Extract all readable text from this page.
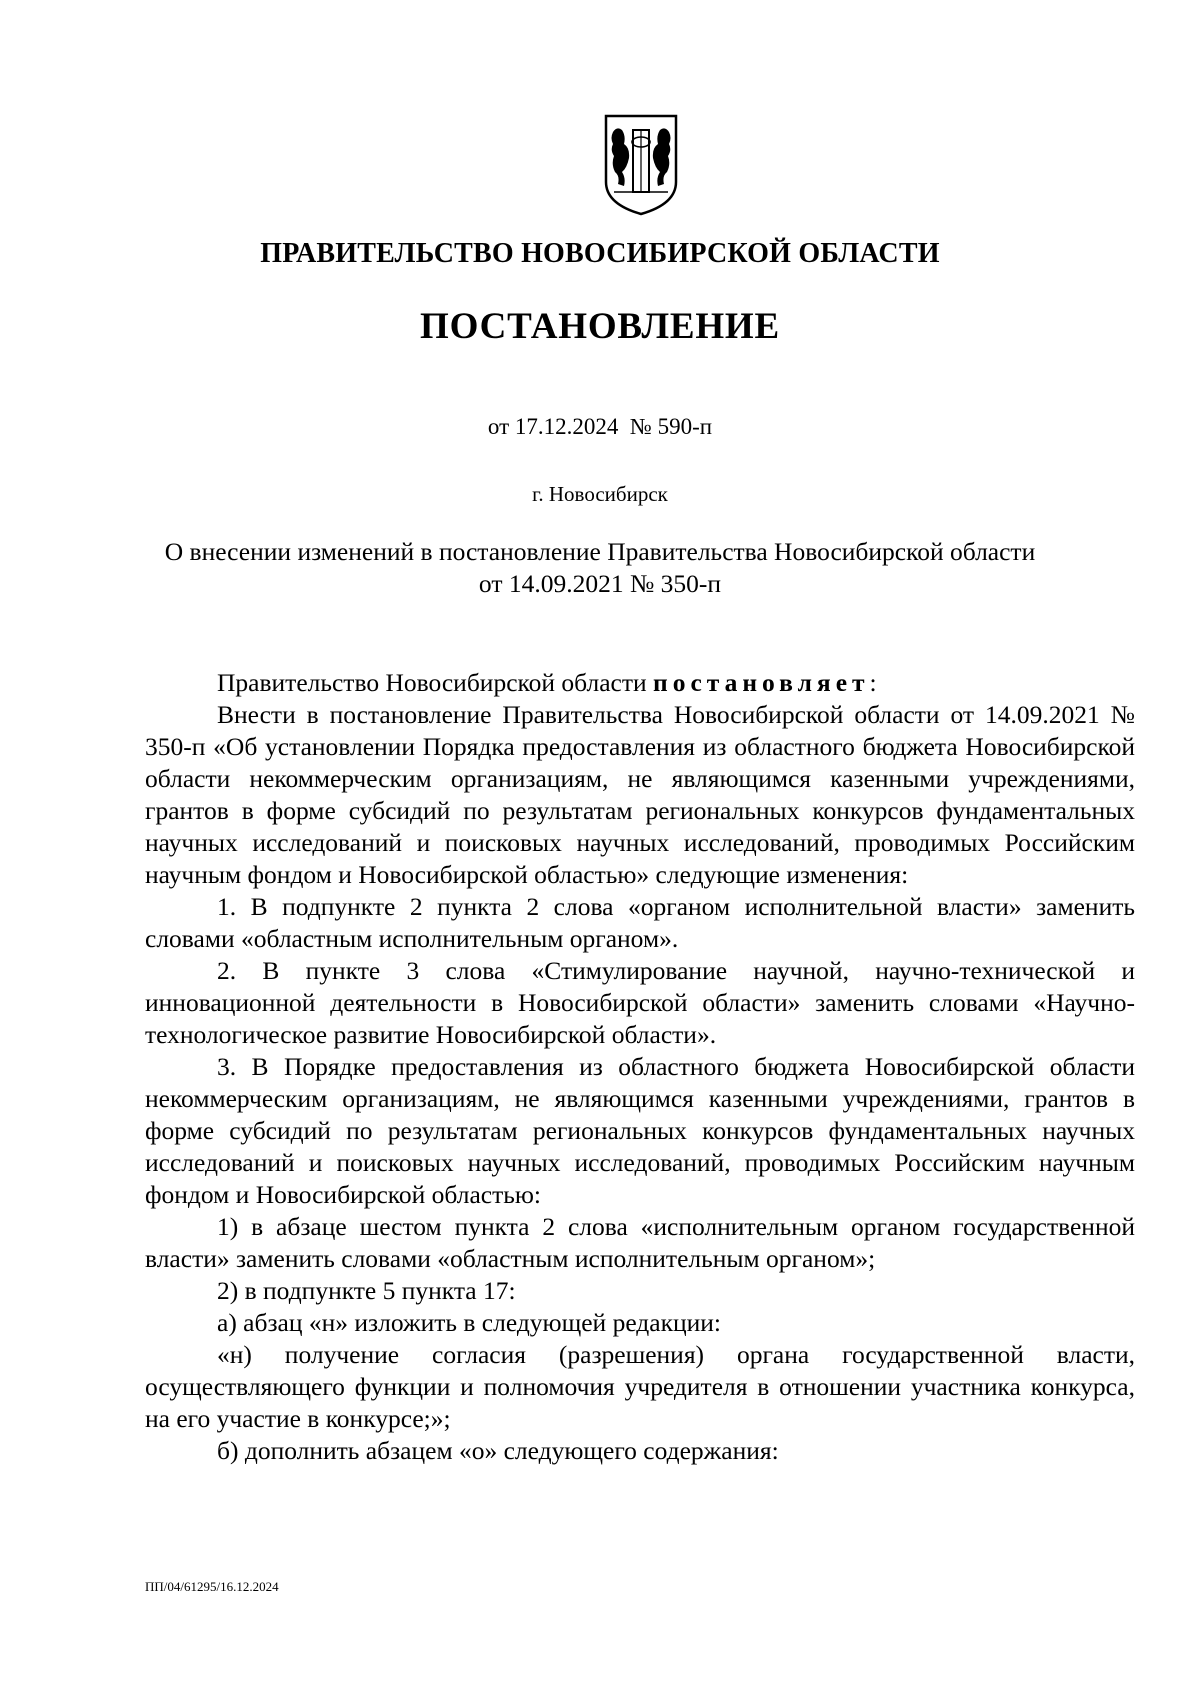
ПРАВИТЕЛЬСТВО НОВОСИБИРСКОЙ ОБЛАСТИ
ПОСТАНОВЛЕНИЕ
от 17.12.2024  № 590-п
г. Новосибирск
О внесении изменений в постановление Правительства Новосибирской области
от 14.09.2021 № 350-п

Правительство Новосибирской области постановляет:

Внести в постановление Правительства Новосибирской области от 14.09.2021 № 350-п «Об установлении Порядка предоставления из областного бюджета Новосибирской области некоммерческим организациям, не являющимся казенными учреждениями, грантов в форме субсидий по результатам региональных конкурсов фундаментальных научных исследований и поисковых научных исследований, проводимых Российским научным фондом и Новосибирской областью» следующие изменения:

1. В подпункте 2 пункта 2 слова «органом исполнительной власти» заменить словами «областным исполнительным органом».

2. В пункте 3 слова «Стимулирование научной, научно-технической и инновационной деятельности в Новосибирской области» заменить словами «Научно-технологическое развитие Новосибирской области».

3. В Порядке предоставления из областного бюджета Новосибирской области некоммерческим организациям, не являющимся казенными учреждениями, грантов в форме субсидий по результатам региональных конкурсов фундаментальных научных исследований и поисковых научных исследований, проводимых Российским научным фондом и Новосибирской областью:

1) в абзаце шестом пункта 2 слова «исполнительным органом государственной власти» заменить словами «областным исполнительным органом»;

2) в подпункте 5 пункта 17:

а) абзац «н» изложить в следующей редакции:

«н) получение согласия (разрешения) органа государственной власти, осуществляющего функции и полномочия учредителя в отношении участника конкурса, на его участие в конкурсе;»;

б) дополнить абзацем «о» следующего содержания:

ПП/04/61295/16.12.2024
